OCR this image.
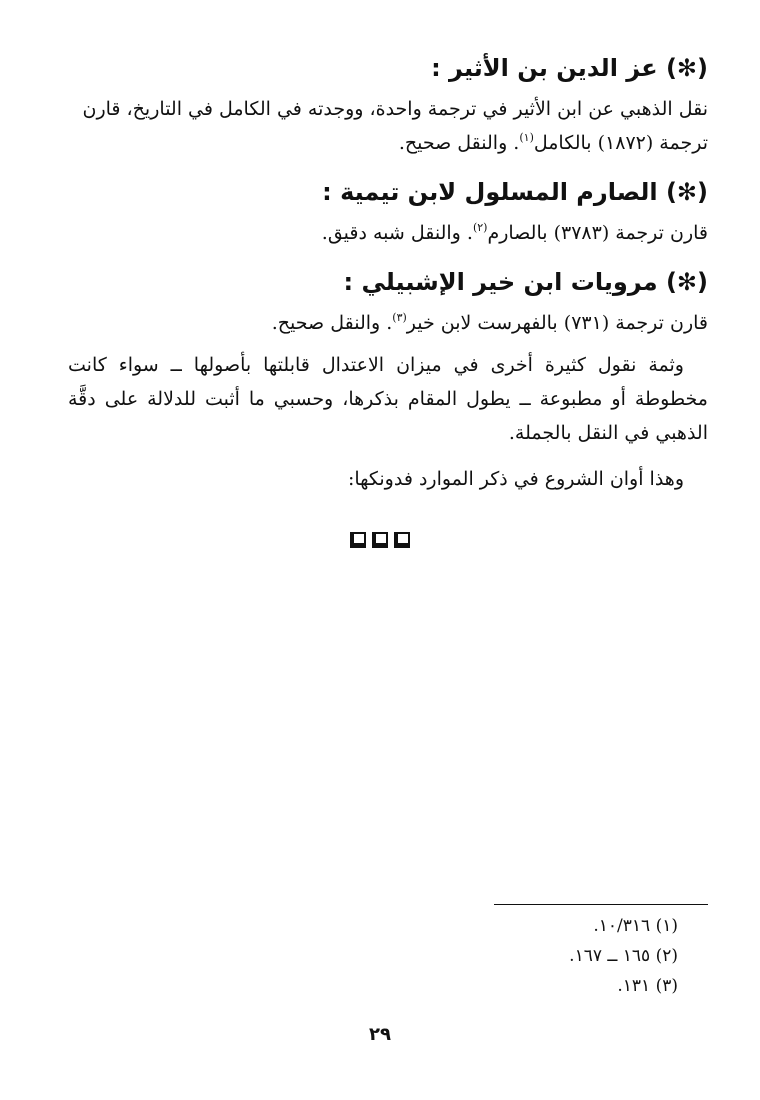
(✻) عز الدين بن الأثير :
نقل الذهبي عن ابن الأثير في ترجمة واحدة، ووجدته في الكامل في التاريخ، قارن
ترجمة (١٨٧٢) بالكامل$^{(١)}$. والنقل صحيح.
(✻) الصارم المسلول لابن تيمية :
قارن ترجمة (٣٧٨٣) بالصارم$^{(٢)}$. والنقل شبه دقيق.
(✻) مرويات ابن خير الإشبيلي :
قارن ترجمة (٧٣١) بالفهرست لابن خير$^{(٣)}$. والنقل صحيح.
وثمة نقول كثيرة أخرى في ميزان الاعتدال قابلتها بأصولها ــ سواء كانت مخطوطة أو مطبوعة ــ يطول المقام بذكرها، وحسبي ما أثبت للدلالة على دقَّة الذهبي في النقل بالجملة.
وهذا أوان الشروع في ذكر الموارد فدونكها:
(١) ١٠/٣١٦.
(٢) ١٦٥ ــ ١٦٧.
(٣) ١٣١.
٢٩
